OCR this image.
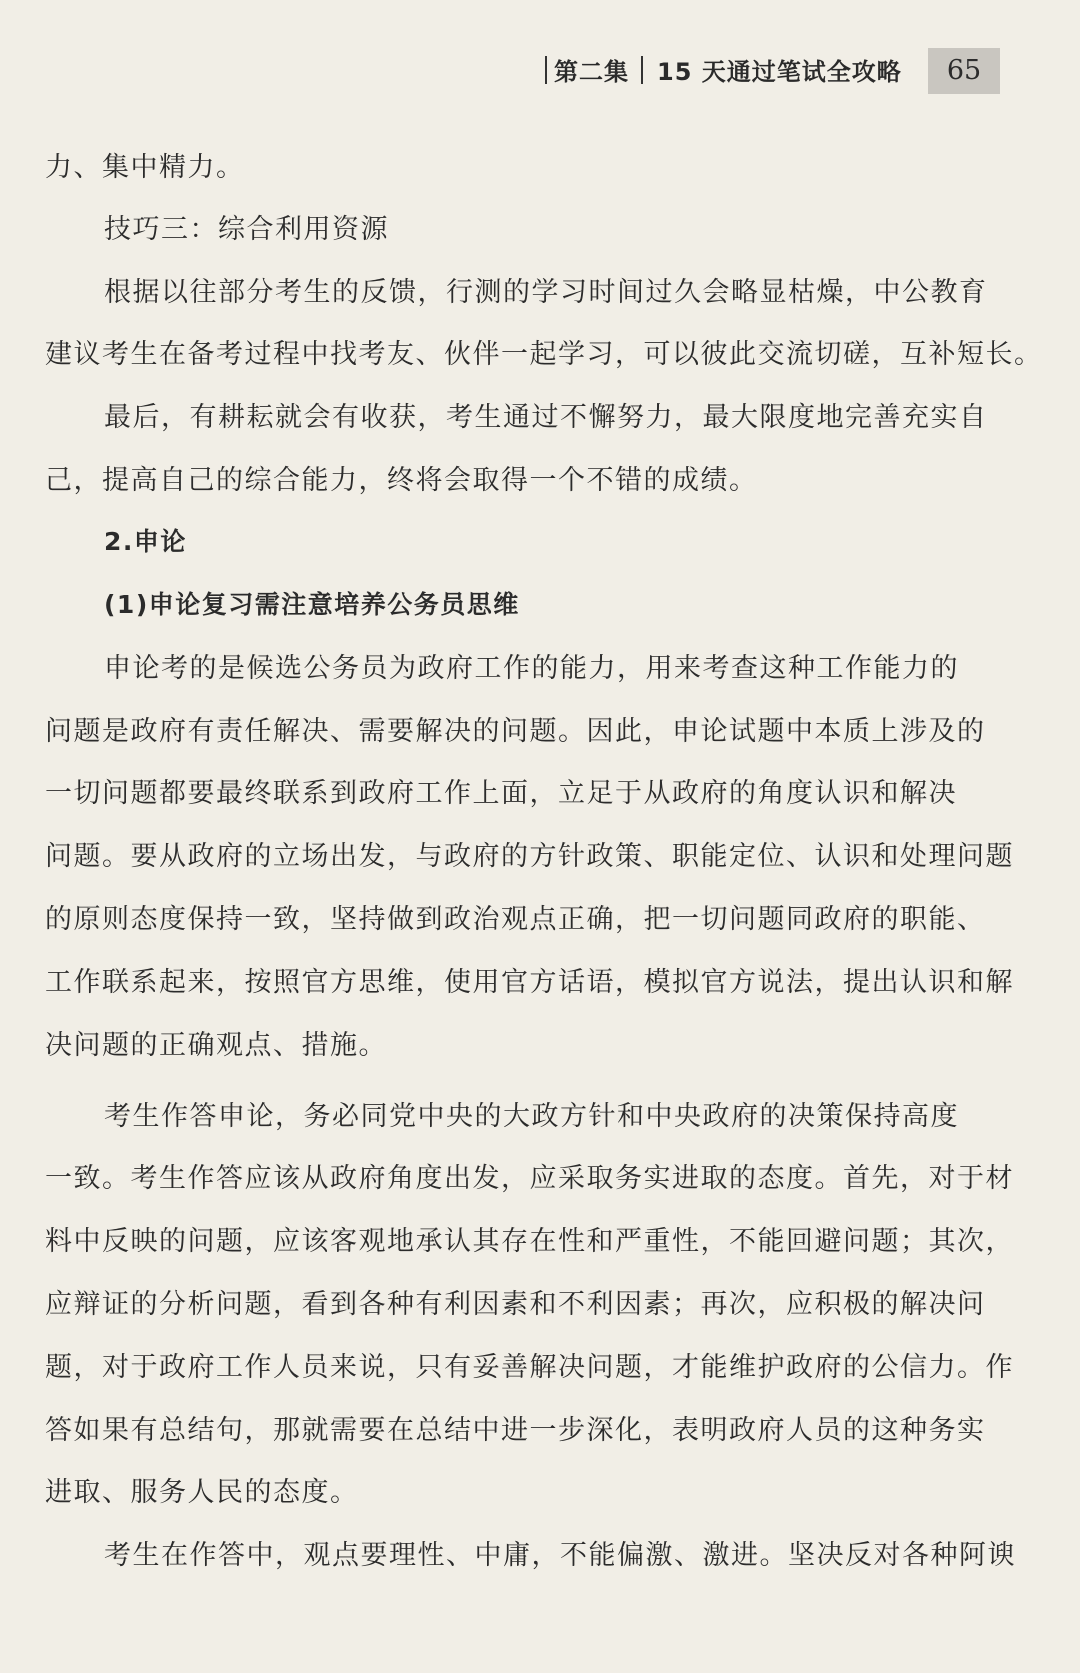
第二集 15 天通过笔试全攻略	65
力、集中精力。
技巧三：综合利用资源
根据以往部分考生的反馈，行测的学习时间过久会略显枯燥，中公教育
建议考生在备考过程中找考友、伙伴一起学习，可以彼此交流切磋，互补短长。
最后，有耕耘就会有收获，考生通过不懈努力，最大限度地完善充实自
己，提高自己的综合能力，终将会取得一个不错的成绩。
2.申论
(1)申论复习需注意培养公务员思维
申论考的是候选公务员为政府工作的能力，用来考查这种工作能力的
问题是政府有责任解决、需要解决的问题。因此，申论试题中本质上涉及的
一切问题都要最终联系到政府工作上面，立足于从政府的角度认识和解决
问题。要从政府的立场出发，与政府的方针政策、职能定位、认识和处理问题
的原则态度保持一致，坚持做到政治观点正确，把一切问题同政府的职能、
工作联系起来，按照官方思维，使用官方话语，模拟官方说法，提出认识和解
决问题的正确观点、措施。
考生作答申论，务必同党中央的大政方针和中央政府的决策保持高度
一致。考生作答应该从政府角度出发，应采取务实进取的态度。首先，对于材
料中反映的问题，应该客观地承认其存在性和严重性，不能回避问题；其次，
应辩证的分析问题，看到各种有利因素和不利因素；再次，应积极的解决问
题，对于政府工作人员来说，只有妥善解决问题，才能维护政府的公信力。作
答如果有总结句，那就需要在总结中进一步深化，表明政府人员的这种务实
进取、服务人民的态度。
考生在作答中，观点要理性、中庸，不能偏激、激进。坚决反对各种阿谀
